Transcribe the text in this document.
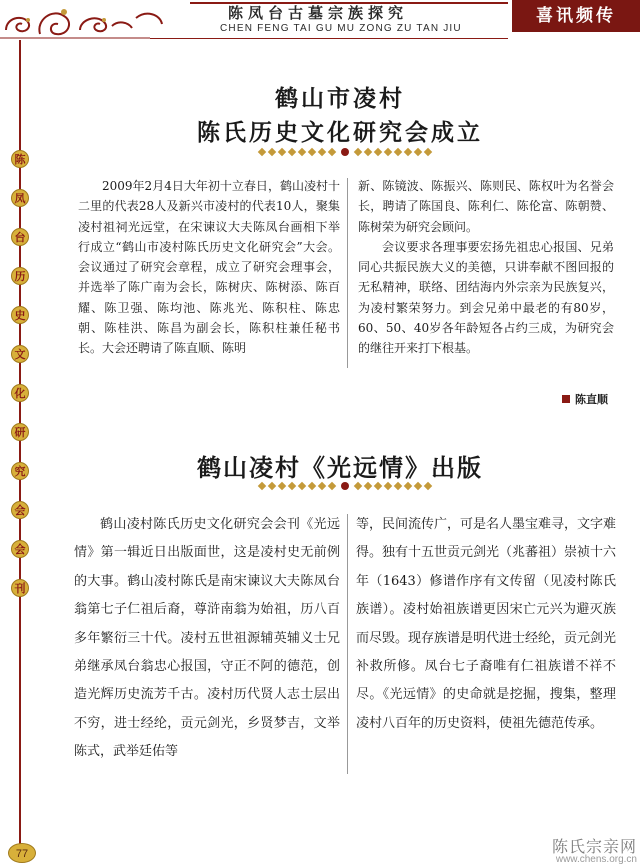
陈凤台古墓宗族探究
CHEN FENG TAI GU MU ZONG ZU TAN JIU
喜讯频传
陈
凤
台
历
史
文
化
研
究
会
会
刊
77
鹤山市凌村
陈氏历史文化研究会成立

2009年2月4日大年初十立春日，鹤山凌村十二里的代表28人及新兴市凌村的代表10人，聚集凌村祖祠光远堂，在宋谏议大夫陈凤台画相下举行成立“鹤山市凌村陈氏历史文化研究会”大会。会议通过了研究会章程，成立了研究会理事会，并选举了陈广南为会长，陈树庆、陈树添、陈百耀、陈卫强、陈均池、陈兆光、陈积柱、陈忠朝、陈桂洪、陈昌为副会长，陈积柱兼任秘书长。大会还聘请了陈直顺、陈明

新、陈镜波、陈振兴、陈则民、陈权叶为名誉会长，聘请了陈国良、陈利仁、陈伦富、陈朝赞、陈树荣为研究会顾问。

会议要求各理事要宏扬先祖忠心报国、兄弟同心共振民族大义的美德，只讲奉献不图回报的无私精神，联络、团结海内外宗亲为民族复兴，为凌村繁荣努力。到会兄弟中最老的有80岁，60、50、40岁各年龄短各占约三成，为研究会的继往开来打下根基。

陈直顺
鹤山凌村《光远情》出版

鹤山凌村陈氏历史文化研究会会刊《光远情》第一辑近日出版面世，这是凌村史无前例的大事。鹤山凌村陈氏是南宋谏议大夫陈凤台翁第七子仁祖后裔，尊浒南翁为始祖，历八百多年繁衍三十代。凌村五世祖源辅英辅义士兄弟继承凤台翁忠心报国，守正不阿的德范，创造光辉历史流芳千古。凌村历代贤人志士层出不穷，进士经纶，贡元剑光，乡贤梦吉，文举陈式，武举廷佑等

等，民间流传广，可是名人墨宝难寻，文字难得。独有十五世贡元剑光（兆蕃祖）崇祯十六年（1643）修谱作序有文传留（见凌村陈氏族谱）。凌村始祖族谱更因宋亡元兴为避灭族而尽毁。现存族谱是明代进士经纶，贡元剑光补救所修。凤台七子裔唯有仁祖族谱不祥不尽。《光远情》的史命就是挖掘，搜集，整理凌村八百年的历史资料，使祖先德范传承。

陈氏宗亲网
www.chens.org.cn
